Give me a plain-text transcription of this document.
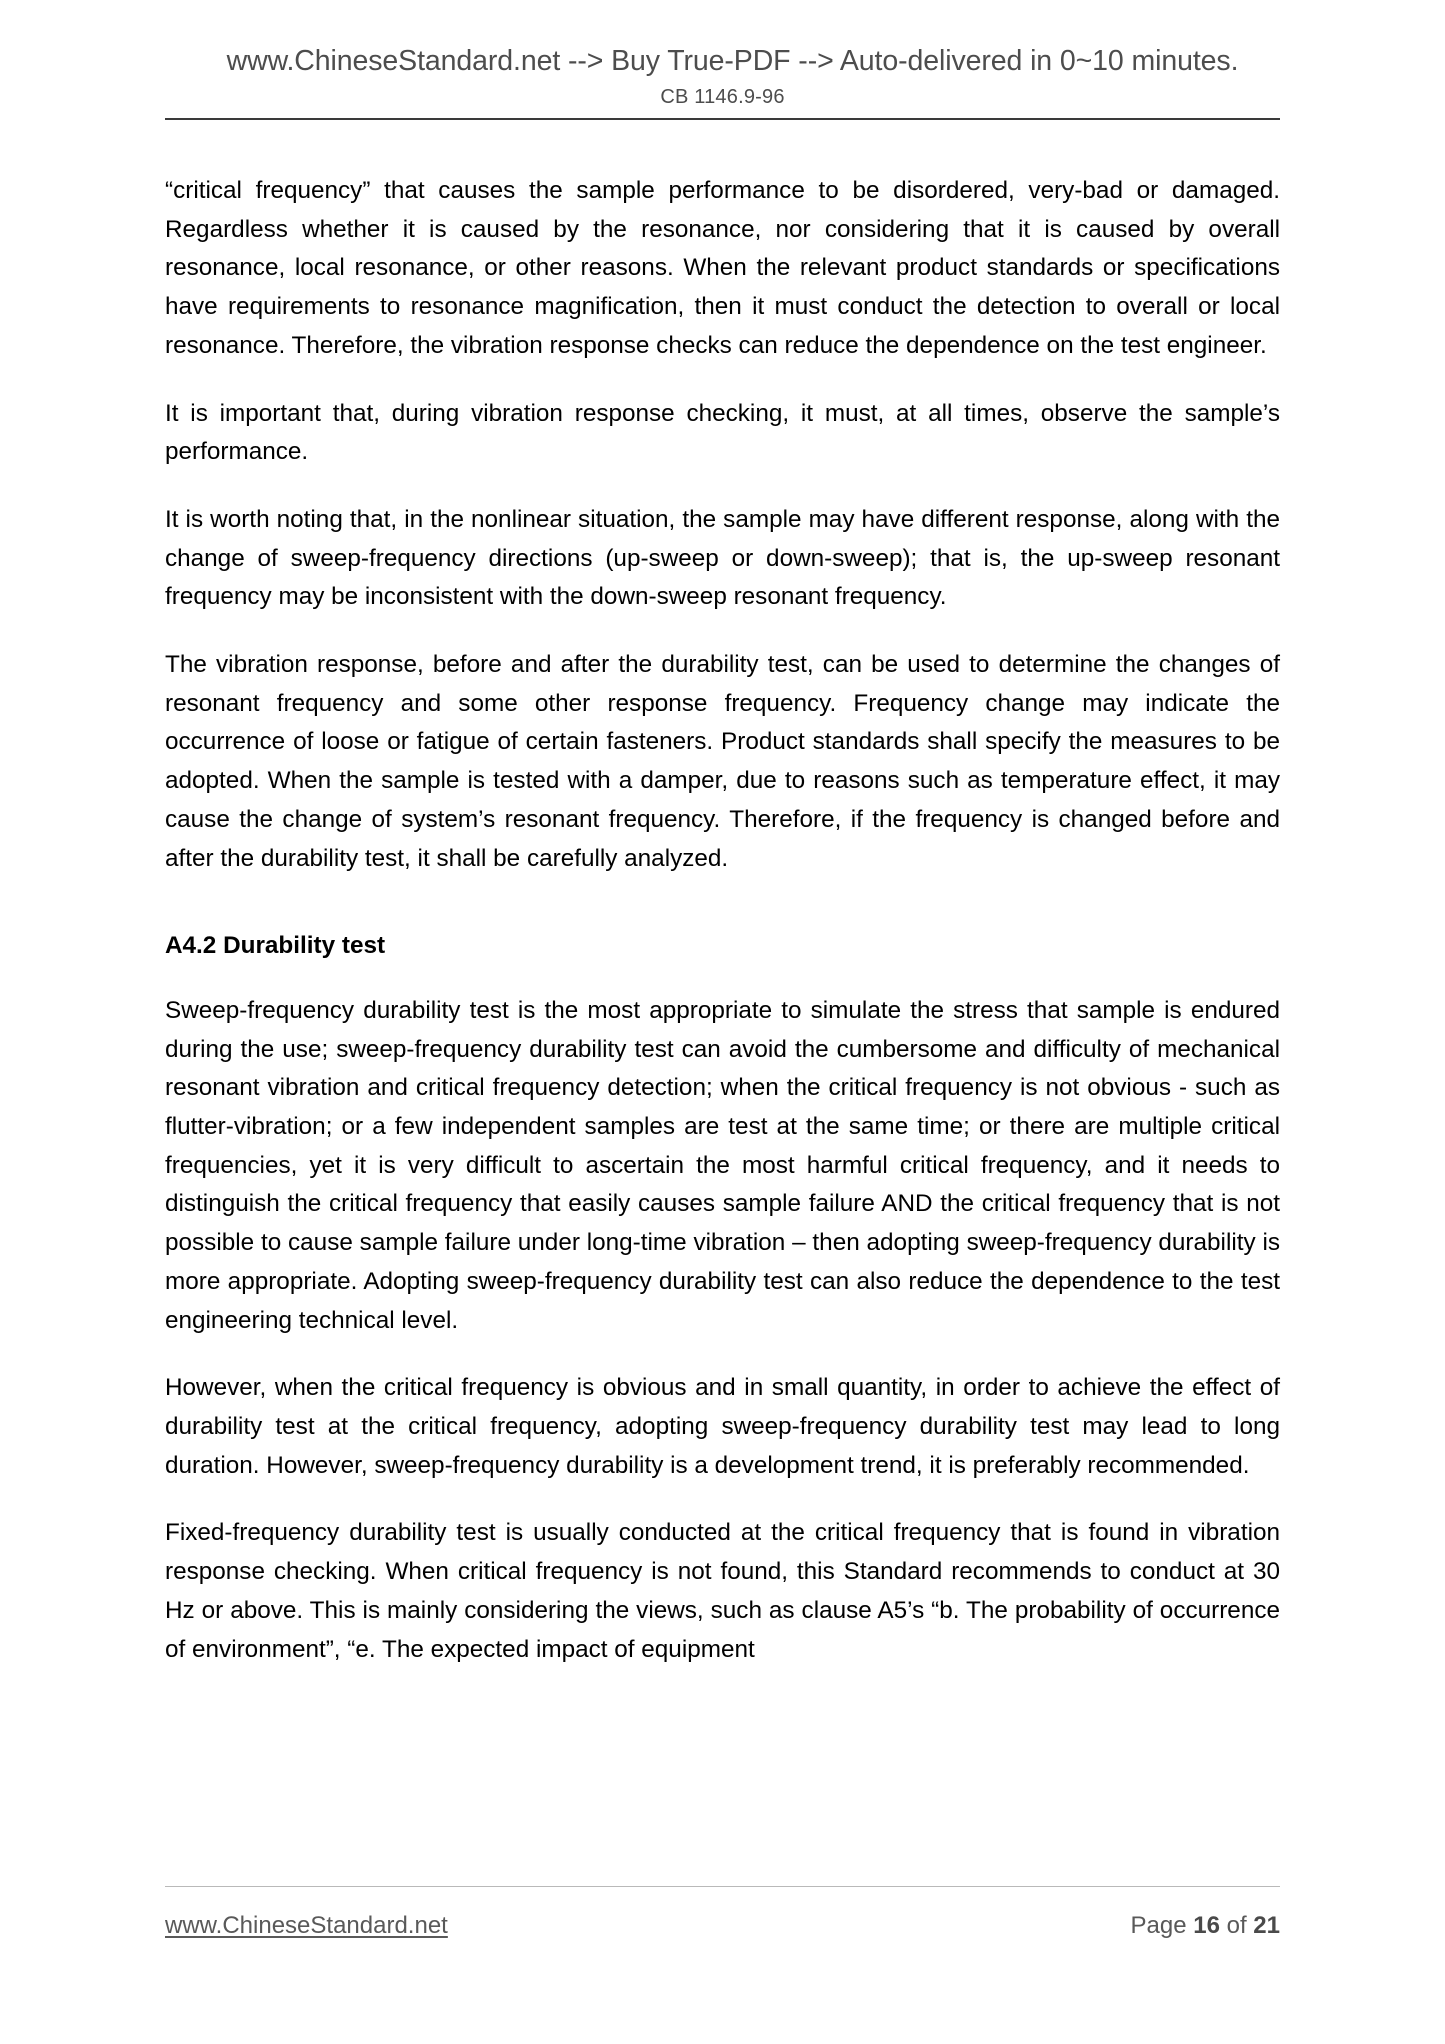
www.ChineseStandard.net --> Buy True-PDF --> Auto-delivered in 0~10 minutes.
CB 1146.9-96

“critical frequency” that causes the sample performance to be disordered, very-bad or damaged. Regardless whether it is caused by the resonance, nor considering that it is caused by overall resonance, local resonance, or other reasons. When the relevant product standards or specifications have requirements to resonance magnification, then it must conduct the detection to overall or local resonance. Therefore, the vibration response checks can reduce the dependence on the test engineer.

It is important that, during vibration response checking, it must, at all times, observe the sample’s performance.

It is worth noting that, in the nonlinear situation, the sample may have different response, along with the change of sweep-frequency directions (up-sweep or down-sweep); that is, the up-sweep resonant frequency may be inconsistent with the down-sweep resonant frequency.

The vibration response, before and after the durability test, can be used to determine the changes of resonant frequency and some other response frequency. Frequency change may indicate the occurrence of loose or fatigue of certain fasteners. Product standards shall specify the measures to be adopted. When the sample is tested with a damper, due to reasons such as temperature effect, it may cause the change of system’s resonant frequency. Therefore, if the frequency is changed before and after the durability test, it shall be carefully analyzed.

A4.2 Durability test

Sweep-frequency durability test is the most appropriate to simulate the stress that sample is endured during the use; sweep-frequency durability test can avoid the cumbersome and difficulty of mechanical resonant vibration and critical frequency detection; when the critical frequency is not obvious - such as flutter-vibration; or a few independent samples are test at the same time; or there are multiple critical frequencies, yet it is very difficult to ascertain the most harmful critical frequency, and it needs to distinguish the critical frequency that easily causes sample failure AND the critical frequency that is not possible to cause sample failure under long-time vibration – then adopting sweep-frequency durability is more appropriate. Adopting sweep-frequency durability test can also reduce the dependence to the test engineering technical level.

However, when the critical frequency is obvious and in small quantity, in order to achieve the effect of durability test at the critical frequency, adopting sweep-frequency durability test may lead to long duration. However, sweep-frequency durability is a development trend, it is preferably recommended.

Fixed-frequency durability test is usually conducted at the critical frequency that is found in vibration response checking. When critical frequency is not found, this Standard recommends to conduct at 30 Hz or above. This is mainly considering the views, such as clause A5’s “b. The probability of occurrence of environment”, “e. The expected impact of equipment

www.ChineseStandard.net	Page 16 of 21
